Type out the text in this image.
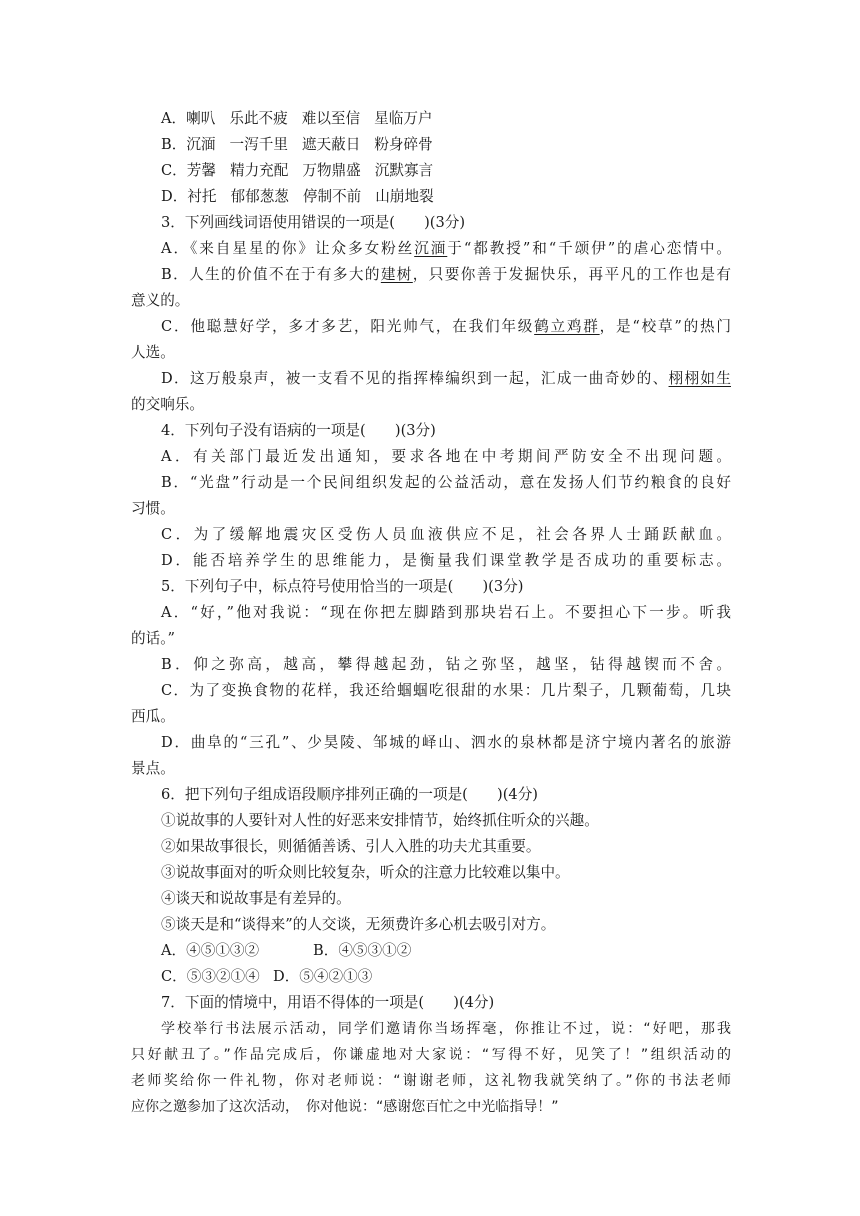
A．喇叭 乐此不疲 难以至信 星临万户
B．沉湎 一泻千里 遮天蔽日 粉身碎骨
C．芳馨 精力充配 万物鼎盛 沉默寡言
D．衬托 郁郁葱葱 停制不前 山崩地裂
3．下列画线词语使用错误的一项是(　　)(3分)
A．《来自星星的你》让众多女粉丝沉湎于“都教授”和“千颂伊”的虐心恋情中。
B．人生的价值不在于有多大的建树，只要你善于发掘快乐，再平凡的工作也是有
意义的。
C．他聪慧好学，多才多艺，阳光帅气，在我们年级鹤立鸡群，是“校草”的热门
人选。
D．这万般泉声，被一支看不见的指挥棒编织到一起，汇成一曲奇妙的、栩栩如生
的交响乐。
4．下列句子没有语病的一项是(　　)(3分)
A．有关部门最近发出通知，要求各地在中考期间严防安全不出现问题。
B．“光盘”行动是一个民间组织发起的公益活动，意在发扬人们节约粮食的良好
习惯。
C．为了缓解地震灾区受伤人员血液供应不足，社会各界人士踊跃献血。
D．能否培养学生的思维能力，是衡量我们课堂教学是否成功的重要标志。
5．下列句子中，标点符号使用恰当的一项是(　　)(3分)
A．“好，”他对我说：“现在你把左脚踏到那块岩石上。不要担心下一步。听我
的话。”
B．仰之弥高，越高，攀得越起劲，钻之弥坚，越坚，钻得越锲而不舍。
C．为了变换食物的花样，我还给蝈蝈吃很甜的水果：几片梨子，几颗葡萄，几块
西瓜。
D．曲阜的“三孔”、少昊陵、邹城的峄山、泗水的泉林都是济宁境内著名的旅游
景点。
6．把下列句子组成语段顺序排列正确的一项是(　　)(4分)
①说故事的人要针对人性的好恶来安排情节，始终抓住听众的兴趣。
②如果故事很长，则循循善诱、引人入胜的功夫尤其重要。
③说故事面对的听众则比较复杂，听众的注意力比较难以集中。
④谈天和说故事是有差异的。
⑤谈天是和“谈得来”的人交谈，无须费许多心机去吸引对方。
A．④⑤①③②	B．④⑤③①②
C．⑤③②①④ D．⑤④②①③
7．下面的情境中，用语不得体的一项是(　　)(4分)
学校举行书法展示活动，同学们邀请你当场挥毫，你推让不过，说：“好吧，那我
只好献丑了。”作品完成后，你谦虚地对大家说：“写得不好，见笑了！”组织活动的
老师奖给你一件礼物，你对老师说：“谢谢老师，这礼物我就笑纳了。”你的书法老师
应你之邀参加了这次活动，　你对他说：“感谢您百忙之中光临指导！”
